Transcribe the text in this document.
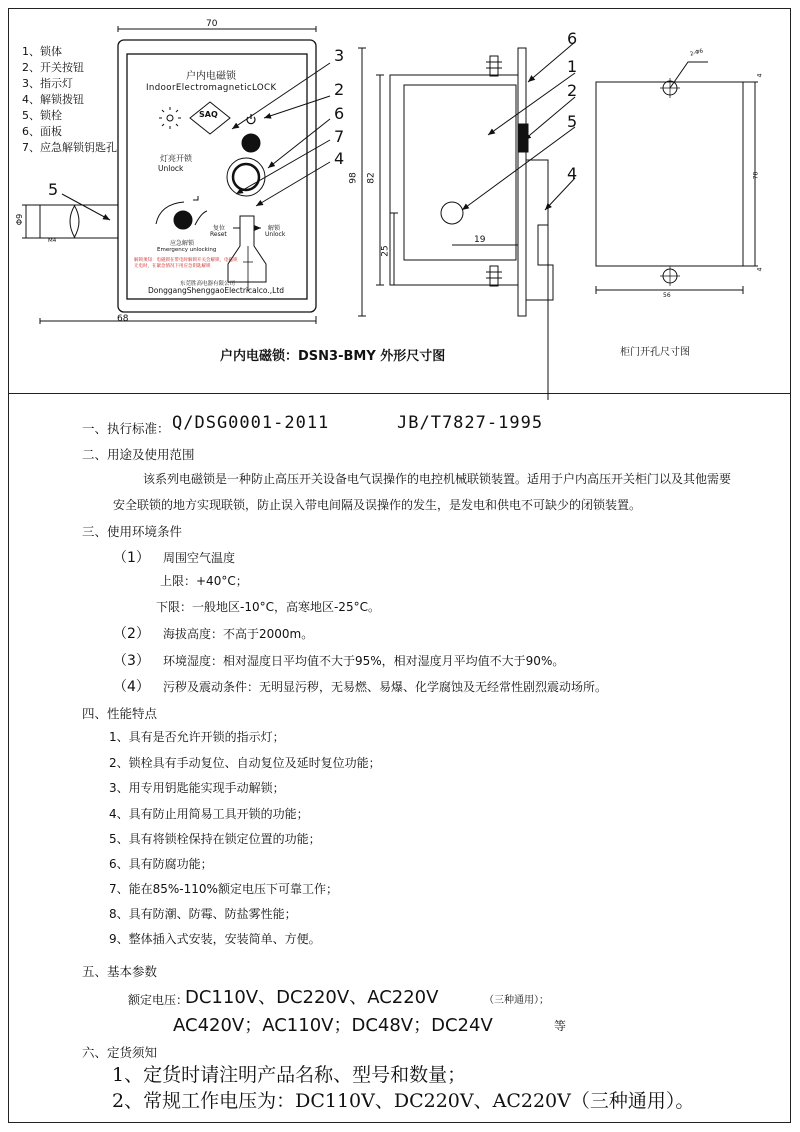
1、锁体
2、开关按钮
3、指示灯
4、解锁拨钮
5、锁栓
6、面板
7、应急解锁钥匙孔
户内电磁锁
IndoorElectromagneticLOCK
SAQ
灯亮开锁
Unlock
复位
Reset
解锁
Unlock
应急解锁
Emergency unlocking
解锁须知：电磁锁在带电时解锁开关会解锁，电磁锁无电时，在紧急情况下用应急钥匙解锁
东莞胜高电器有限公司
DonggangShenggaoElectricalco.,Ltd
70
68
Φ9
M4
98 82
25
19
56
78
4
4
2-Φ6
3
2
6
7
4
5
6
1
2
5
4
户内电磁锁：DSN3-BMY 外形尺寸图	柜门开孔尺寸图
一、执行标准： Q/DSG0001-2011	JB/T7827-1995
二、用途及使用范围
该系列电磁锁是一种防止高压开关设备电气误操作的电控机械联锁装置。适用于户内高压开关柜门以及其他需要
安全联锁的地方实现联锁，防止误入带电间隔及误操作的发生，是发电和供电不可缺少的闭锁装置。
三、使用环境条件
（1） 周围空气温度
上限：+40°C；
下限：一般地区-10°C，高寒地区-25°C。
（2） 海拔高度：不高于2000m。
（3） 环境湿度：相对湿度日平均值不大于95%，相对湿度月平均值不大于90%。
（4） 污秽及震动条件：无明显污秽，无易燃、易爆、化学腐蚀及无经常性剧烈震动场所。
四、性能特点
1、具有是否允许开锁的指示灯；
2、锁栓具有手动复位、自动复位及延时复位功能；
3、用专用钥匙能实现手动解锁；
4、具有防止用简易工具开锁的功能；
5、具有将锁栓保持在锁定位置的功能；
6、具有防腐功能；
7、能在85%-110%额定电压下可靠工作；
8、具有防潮、防霉、防盐雾性能；
9、整体插入式安装，安装简单、方便。
五、基本参数
额定电压：
DC110V、DC220V、AC220V	（三种通用）；
AC420V；AC110V；DC48V；DC24V	等
六、定货须知
1、定货时请注明产品名称、型号和数量；
2、常规工作电压为：DC110V、DC220V、AC220V（三种通用）。
